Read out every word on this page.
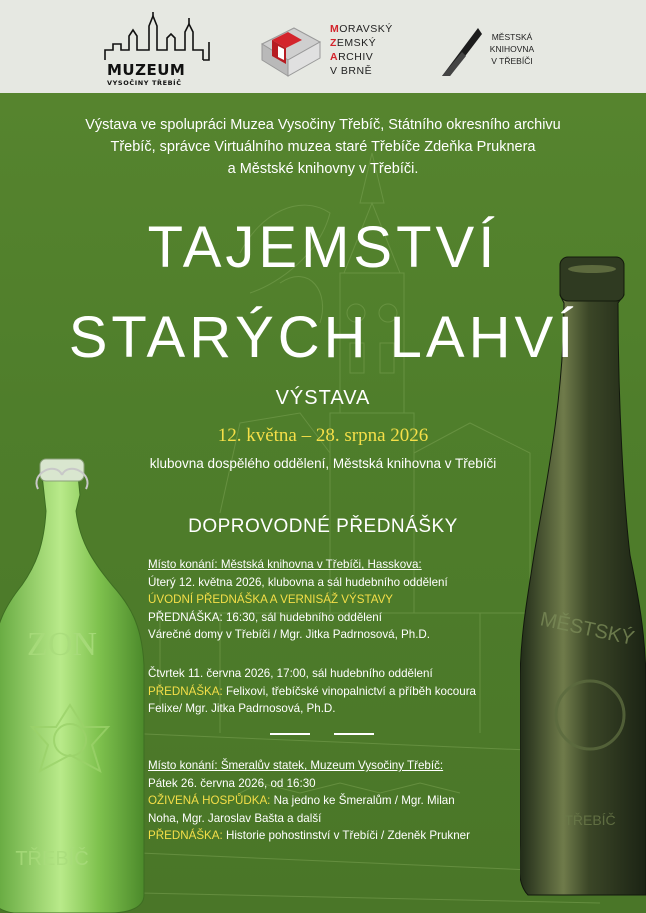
MUZEUM
VYSOČINY TŘEBÍČ
MORAVSKÝ
ZEMSKÝ
ARCHIV
V BRNĚ
MĚSTSKÁ
KNIHOVNA
V TŘEBÍČI
ZON
TŘEBÍČ
MĚSTSKÝ
TŘEBÍČ
Výstava ve spolupráci Muzea Vysočiny Třebíč, Státního okresního archivu
Třebíč, správce Virtuálního muzea staré Třebíče Zdeňka Pruknera
a Městské knihovny v Třebíči.
TAJEMSTVÍ
STARÝCH LAHVÍ
VÝSTAVA
12. května – 28. srpna 2026
klubovna dospělého oddělení, Městská knihovna v Třebíči
DOPROVODNÉ PŘEDNÁŠKY
Místo konání: Městská knihovna v Třebíči, Hasskova:
Úterý 12. května 2026, klubovna a sál hudebního oddělení
ÚVODNÍ PŘEDNÁŠKA A VERNISÁŽ VÝSTAVY
PŘEDNÁŠKA: 16:30, sál hudebního oddělení
Várečné domy v Třebíči / Mgr. Jitka Padrnosová, Ph.D.
Čtvrtek 11. června 2026, 17:00, sál hudebního oddělení
PŘEDNÁŠKA: Felixovi, třebíčské vinopalnictví a příběh kocoura
Felixe/ Mgr. Jitka Padrnosová, Ph.D.
Místo konání: Šmeralův statek, Muzeum Vysočiny Třebíč:
Pátek 26. června 2026, od 16:30
OŽIVENÁ HOSPŮDKA: Na jedno ke Šmeralům / Mgr. Milan
Noha, Mgr. Jaroslav Bašta a další
PŘEDNÁŠKA: Historie pohostinství v Třebíči / Zdeněk Prukner
